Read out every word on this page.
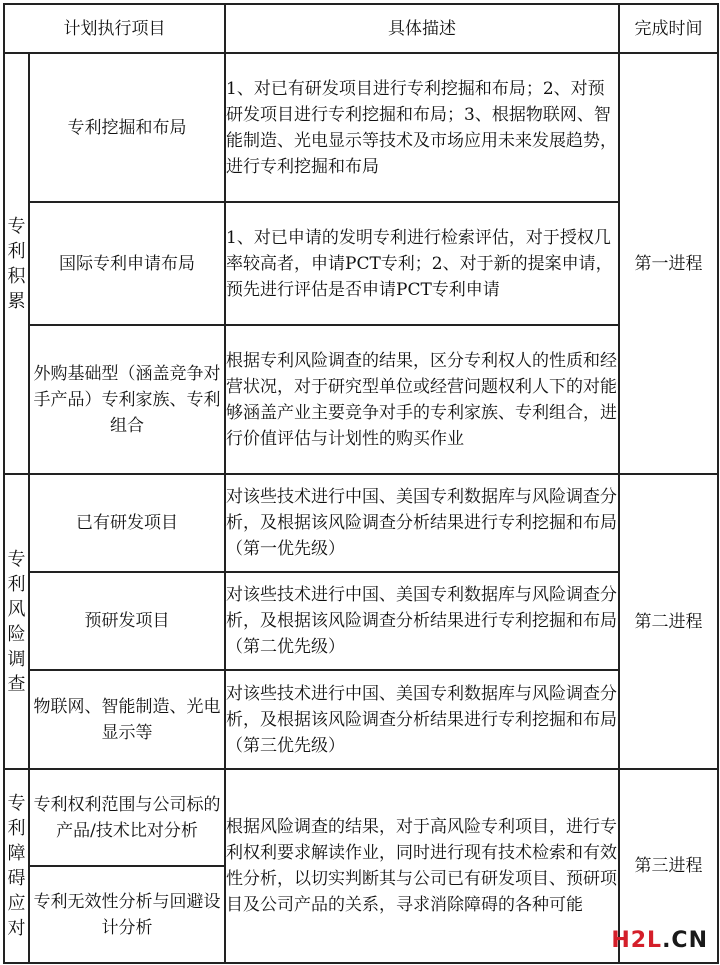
计划执行项目		具体描述	完成时间

专利积累	专利挖掘和布局	1、对已有研发项目进行专利挖掘和布局；2、对预研发项目进行专利挖掘和布局；3、根据物联网、智能制造、光电显示等技术及市场应用未来发展趋势，进行专利挖掘和布局	第一进程
	国际专利申请布局	1、对已申请的发明专利进行检索评估，对于授权几率较高者，申请PCT专利；2、对于新的提案申请，预先进行评估是否申请PCT专利申请	
	外购基础型（涵盖竞争对手产品）专利家族、专利组合	根据专利风险调查的结果，区分专利权人的性质和经营状况，对于研究型单位或经营问题权利人下的对能够涵盖产业主要竞争对手的专利家族、专利组合，进行价值评估与计划性的购买作业	

专利风险调查	已有研发项目	对该些技术进行中国、美国专利数据库与风险调查分析，及根据该风险调查分析结果进行专利挖掘和布局（第一优先级）	第二进程
	预研发项目	对该些技术进行中国、美国专利数据库与风险调查分析，及根据该风险调查分析结果进行专利挖掘和布局（第二优先级）	
	物联网、智能制造、光电显示等	对该些技术进行中国、美国专利数据库与风险调查分析，及根据该风险调查分析结果进行专利挖掘和布局（第三优先级）	

专利障碍应对	专利权利范围与公司标的产品/技术比对分析	根据风险调查的结果，对于高风险专利项目，进行专利权利要求解读作业，同时进行现有技术检索和有效性分析，以切实判断其与公司已有研发项目、预研项目及公司产品的关系，寻求消除障碍的各种可能	第三进程
	专利无效性分析与回避设计分析		
H2L.CN
